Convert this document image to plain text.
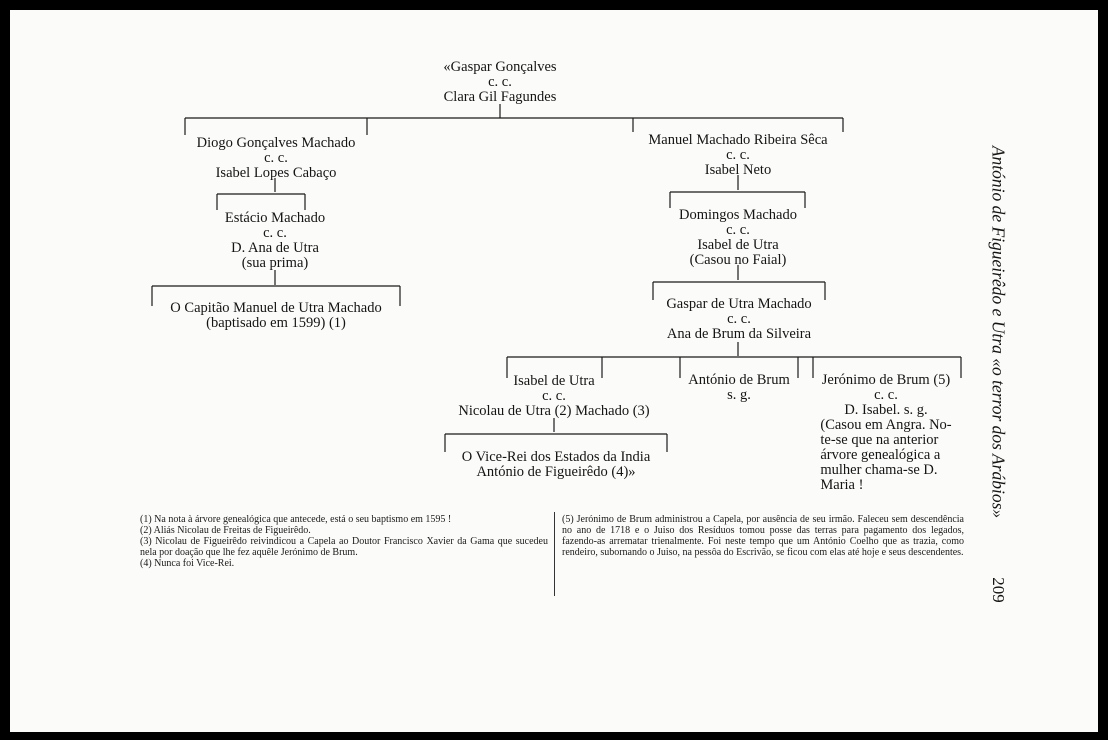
«Gaspar Gonçalves
c. c.
Clara Gil Fagundes
Diogo Gonçalves Machado
c. c.
Isabel Lopes Cabaço
Manuel Machado Ribeira Sêca
c. c.
Isabel Neto
Estácio Machado
c. c.
D. Ana de Utra
(sua prima)
Domingos Machado
c. c.
Isabel de Utra
(Casou no Faial)
O Capitão Manuel de Utra Machado
(baptisado em 1599) (1)
Gaspar de Utra Machado
c. c.
Ana de Brum da Silveira
Isabel de Utra
c. c.
Nicolau de Utra (2) Machado (3)
António de Brum
s. g.
Jerónimo de Brum (5)
c. c.
D. Isabel. s. g.
(Casou em Angra. No-
te-se que na anterior
árvore genealógica a
mulher chama-se D.
Maria !
O Vice-Rei dos Estados da India
António de Figueirêdo (4)»

(1) Na nota à árvore genealógica que antecede, está o seu baptismo em 1595 !

(2) Aliás Nicolau de Freitas de Figueirêdo.

(3) Nicolau de Figueirêdo reivindicou a Capela ao Doutor Francisco Xavier da Gama que sucedeu nela por doação que lhe fez aquêle Jerónimo de Brum.

(4) Nunca foi Vice-Rei.

(5) Jerónimo de Brum administrou a Capela, por ausência de seu irmão. Faleceu sem descendência no ano de 1718 e o Juiso dos Resíduos tomou posse das terras para pagamento dos legados, fazendo-as arrematar trienalmente. Foi neste tempo que um António Coelho que as trazia, como rendeiro, subornando o Juiso, na pessôa do Escrivão, se ficou com elas até hoje e seus descendentes.

António de Figueirêdo e Utra «o terror dos Arábios»
209
